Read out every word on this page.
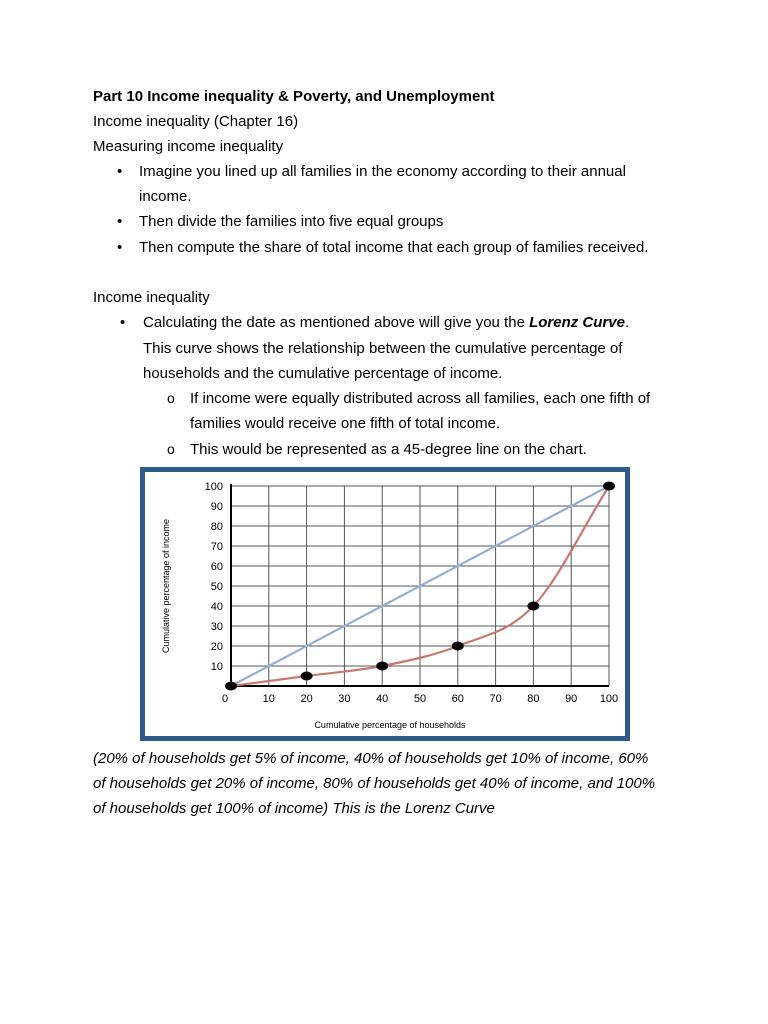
Part 10 Income inequality & Poverty, and Unemployment
Income inequality (Chapter 16)
Measuring income inequality
• Imagine you lined up all families in the economy according to their annual
income.
• Then divide the families into five equal groups
• Then compute the share of total income that each group of families received.
Income inequality
• Calculating the date as mentioned above will give you the Lorenz Curve.
This curve shows the relationship between the cumulative percentage of
households and the cumulative percentage of income.
o If income were equally distributed across all families, each one fifth of
families would receive one fifth of total income.
o This would be represented as a 45-degree line on the chart.
10
20
30
40
50
60
70
80
90
100
0	10 20 30 40 50 60 70 80 90 100
Cumulative percentage of households
Cumulative percentage of income
(20% of households get 5% of income, 40% of households get 10% of income, 60%
of households get 20% of income, 80% of households get 40% of income, and 100%
of households get 100% of income) This is the Lorenz Curve
